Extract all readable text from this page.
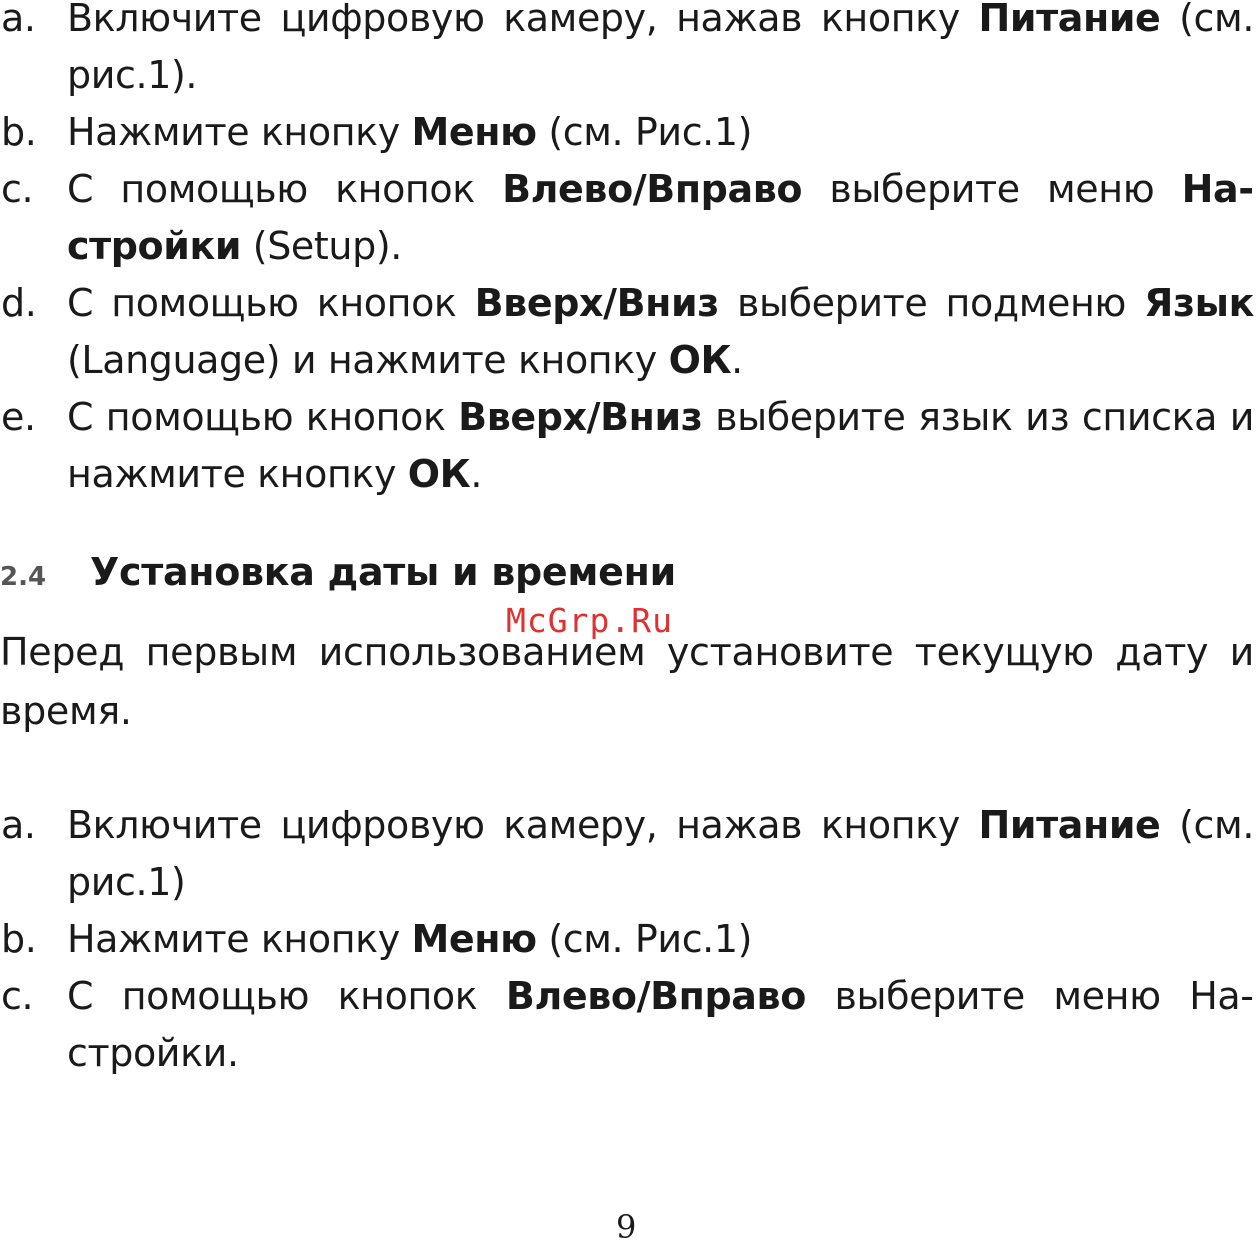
a. Включите цифровую камеру, нажав кнопку Питание (см. рис.1).
b. Нажмите кнопку Меню (см. Рис.1)
c. С помощью кнопок Влево/Вправо выберите меню Настройки (Setup).
d. С помощью кнопок Вверх/Вниз выберите подменю Язык (Language) и нажмите кнопку ОК.
e. С помощью кнопок Вверх/Вниз выберите язык из списка и нажмите кнопку ОК.
2.4 Установка даты и времени
Перед первым использованием установите текущую дату и время.
McGrp.Ru
a. Включите цифровую камеру, нажав кнопку Питание (см. рис.1)
b. Нажмите кнопку Меню (см. Рис.1)
c. С помощью кнопок Влево/Вправо выберите меню Настройки.
9
